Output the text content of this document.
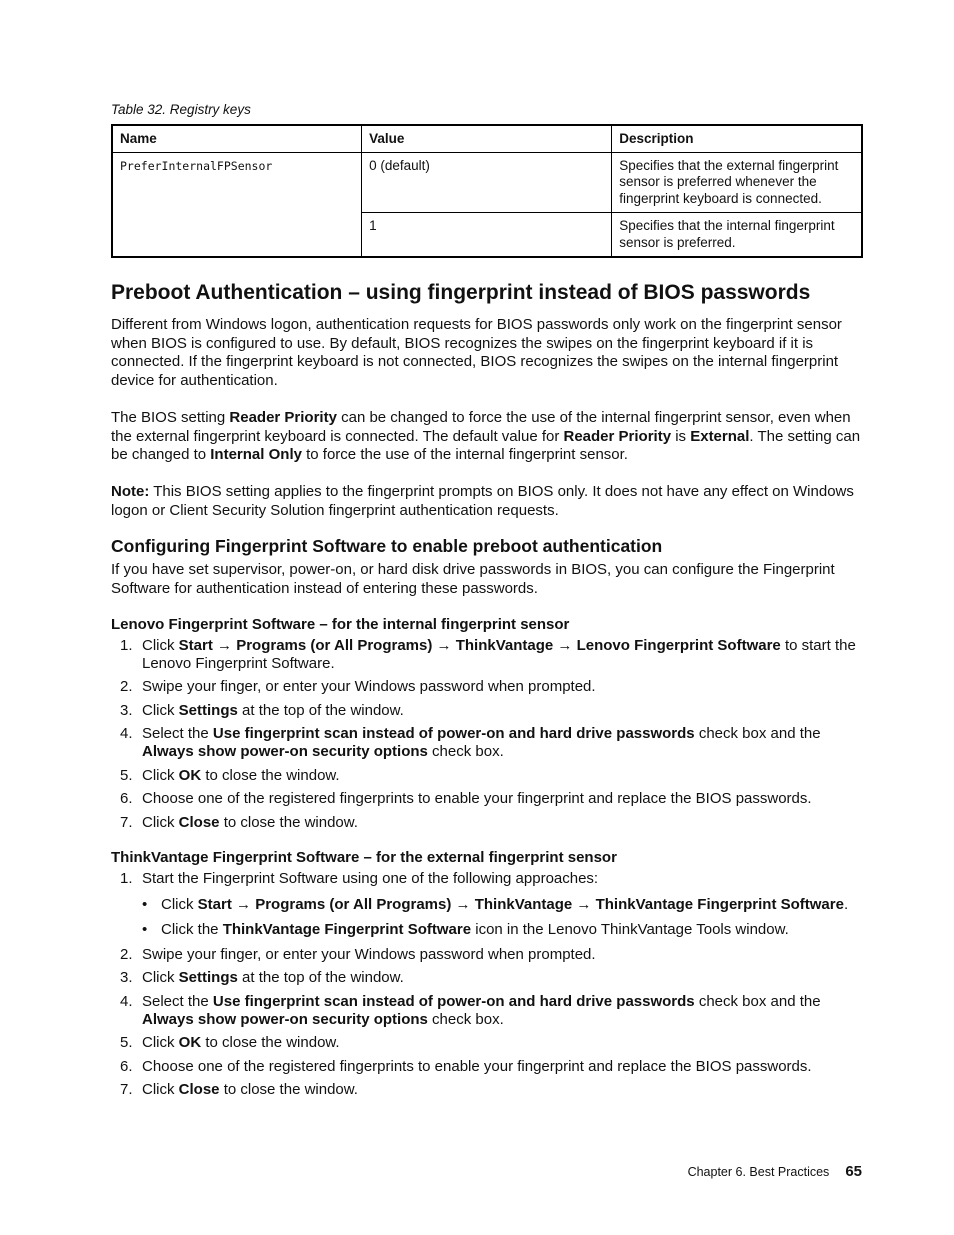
Table 32. Registry keys
Name	Value	Description
PreferInternalFPSensor	0 (default)	Specifies that the external fingerprint sensor is preferred whenever the fingerprint keyboard is connected.
	1	Specifies that the internal fingerprint sensor is preferred.
Preboot Authentication – using fingerprint instead of BIOS passwords

Different from Windows logon, authentication requests for BIOS passwords only work on the fingerprint sensor when BIOS is configured to use. By default, BIOS recognizes the swipes on the fingerprint keyboard if it is connected. If the fingerprint keyboard is not connected, BIOS recognizes the swipes on the internal fingerprint device for authentication.

The BIOS setting Reader Priority can be changed to force the use of the internal fingerprint sensor, even when the external fingerprint keyboard is connected. The default value for Reader Priority is External. The setting can be changed to Internal Only to force the use of the internal fingerprint sensor.

Note: This BIOS setting applies to the fingerprint prompts on BIOS only. It does not have any effect on Windows logon or Client Security Solution fingerprint authentication requests.

Configuring Fingerprint Software to enable preboot authentication

If you have set supervisor, power-on, or hard disk drive passwords in BIOS, you can configure the Fingerprint Software for authentication instead of entering these passwords.

Lenovo Fingerprint Software – for the internal fingerprint sensor
1. Click Start → Programs (or All Programs) → ThinkVantage → Lenovo Fingerprint Software to start the Lenovo Fingerprint Software.
2. Swipe your finger, or enter your Windows password when prompted.
3. Click Settings at the top of the window.
4. Select the Use fingerprint scan instead of power-on and hard drive passwords check box and the Always show power-on security options check box.
5. Click OK to close the window.
6. Choose one of the registered fingerprints to enable your fingerprint and replace the BIOS passwords.
7. Click Close to close the window.
ThinkVantage Fingerprint Software – for the external fingerprint sensor
1. Start the Fingerprint Software using one of the following approaches:
• Click Start → Programs (or All Programs) → ThinkVantage → ThinkVantage Fingerprint Software.
• Click the ThinkVantage Fingerprint Software icon in the Lenovo ThinkVantage Tools window.
2. Swipe your finger, or enter your Windows password when prompted.
3. Click Settings at the top of the window.
4. Select the Use fingerprint scan instead of power-on and hard drive passwords check box and the Always show power-on security options check box.
5. Click OK to close the window.
6. Choose one of the registered fingerprints to enable your fingerprint and replace the BIOS passwords.
7. Click Close to close the window.
Chapter 6. Best Practices 65
